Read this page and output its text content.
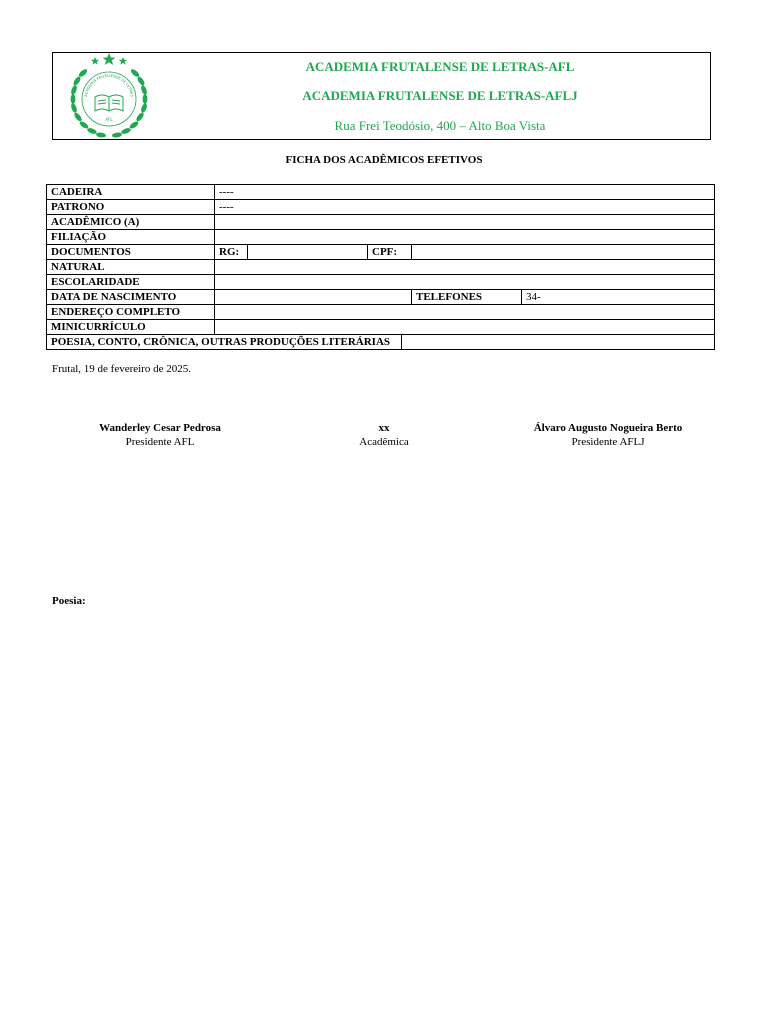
ACADEMIA FRUTALENSE DE LETRAS
AFL
ACADEMIA FRUTALENSE DE LETRAS-AFL
ACADEMIA FRUTALENSE DE LETRAS-AFLJ
Rua Frei Teodósio, 400 – Alto Boa Vista
FICHA DOS ACADÊMICOS EFETIVOS
CADEIRA	----					
PATRONO	----					
ACADÊMICO (A)						
FILIAÇÃO						
DOCUMENTOS	RG:		CPF:			
NATURAL						
ESCOLARIDADE						
DATA DE NASCIMENTO					TELEFONES	34-
ENDEREÇO COMPLETO						
MINICURRÍCULO						
POESIA, CONTO, CRÔNICA, OUTRAS PRODUÇÕES LITERÁRIAS						
Frutal, 19 de fevereiro de 2025.
Wanderley Cesar Pedrosa
Presidente AFL
xx
Acadêmica
Álvaro Augusto Nogueira Berto
Presidente AFLJ
Poesia:
